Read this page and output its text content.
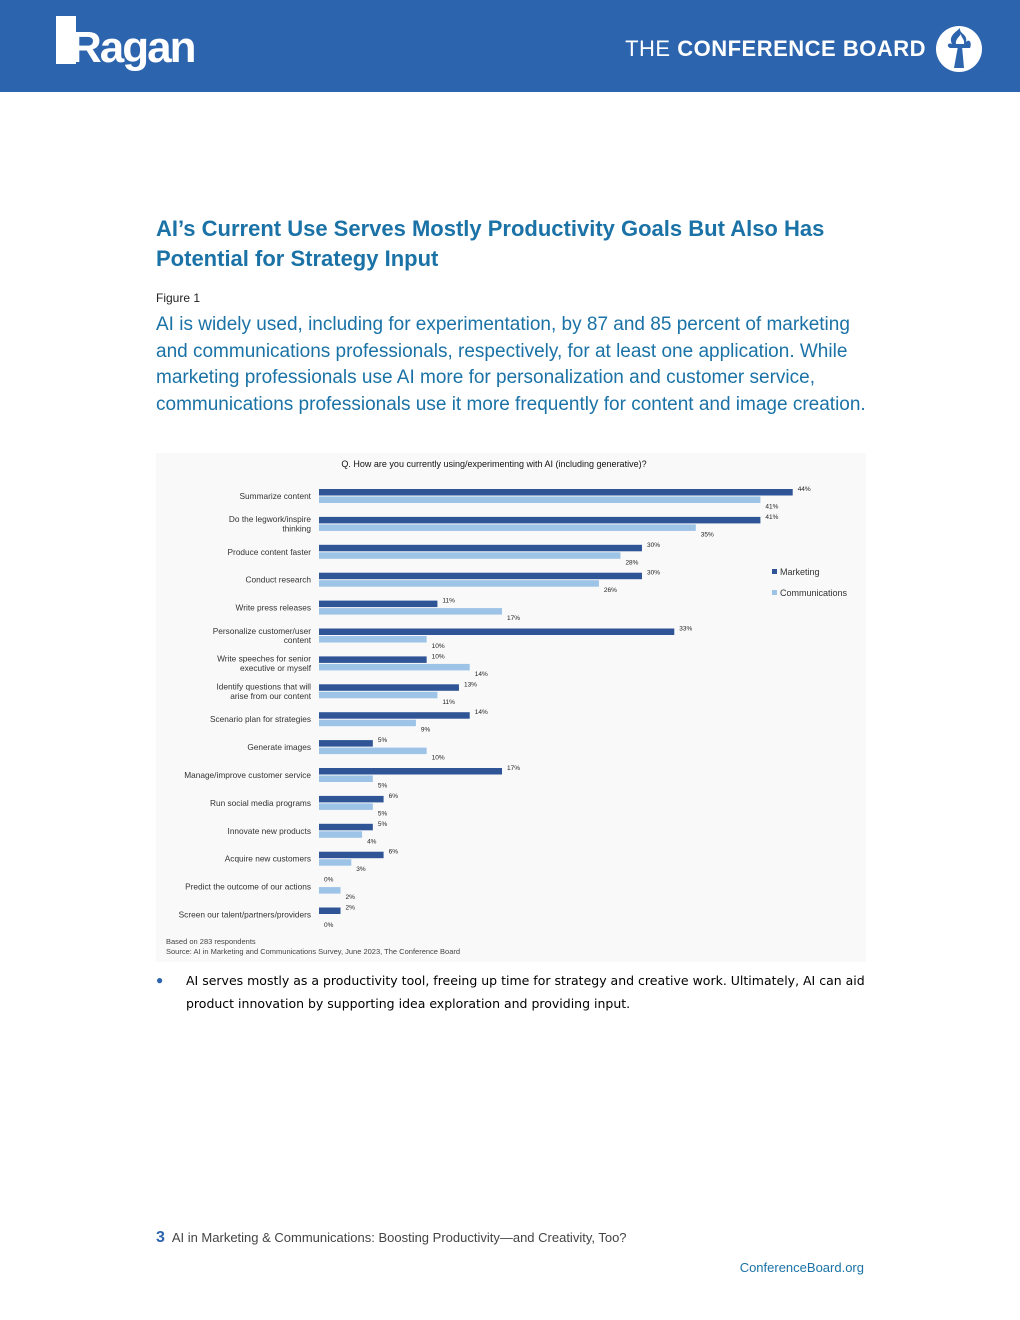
Ragan	THE CONFERENCE BOARD
AI’s Current Use Serves Mostly Productivity Goals But Also Has Potential for Strategy Input
Figure 1

AI is widely used, including for experimentation, by 87 and 85 percent of marketing and communications professionals, respectively, for at least one application. While marketing professionals use AI more for personalization and customer service, communications professionals use it more frequently for content and image creation.

Q. How are you currently using/experimenting with AI (including generative)?
Summarize content
44%
41%
Do the legwork/inspire thinking
41%
35%
Produce content faster
30%
28%
Conduct research
30%
26%
Write press releases
11%
17%
Personalize customer/user content
33%
10%
Write speeches for senior executive or myself
10%
14%
Identify questions that will arise from our content
13%
11%
Scenario plan for strategies
14%
9%
Generate images
5%
10%
Manage/improve customer service
17%
5%
Run social media programs
6%
5%
Innovate new products
5%
4%
Acquire new customers
6%
3%
Predict the outcome of our actions
0%
2%
Screen our talent/partners/providers
2%
0%
Marketing
Communications
Based on 283 respondents
Source: AI in Marketing and Communications Survey, June 2023, The Conference Board
●	AI serves mostly as a productivity tool, freeing up time for strategy and creative work. Ultimately, AI can aid product innovation by supporting idea exploration and providing input.
3 AI in Marketing & Communications: Boosting Productivity—and Creativity, Too?
ConferenceBoard.org
